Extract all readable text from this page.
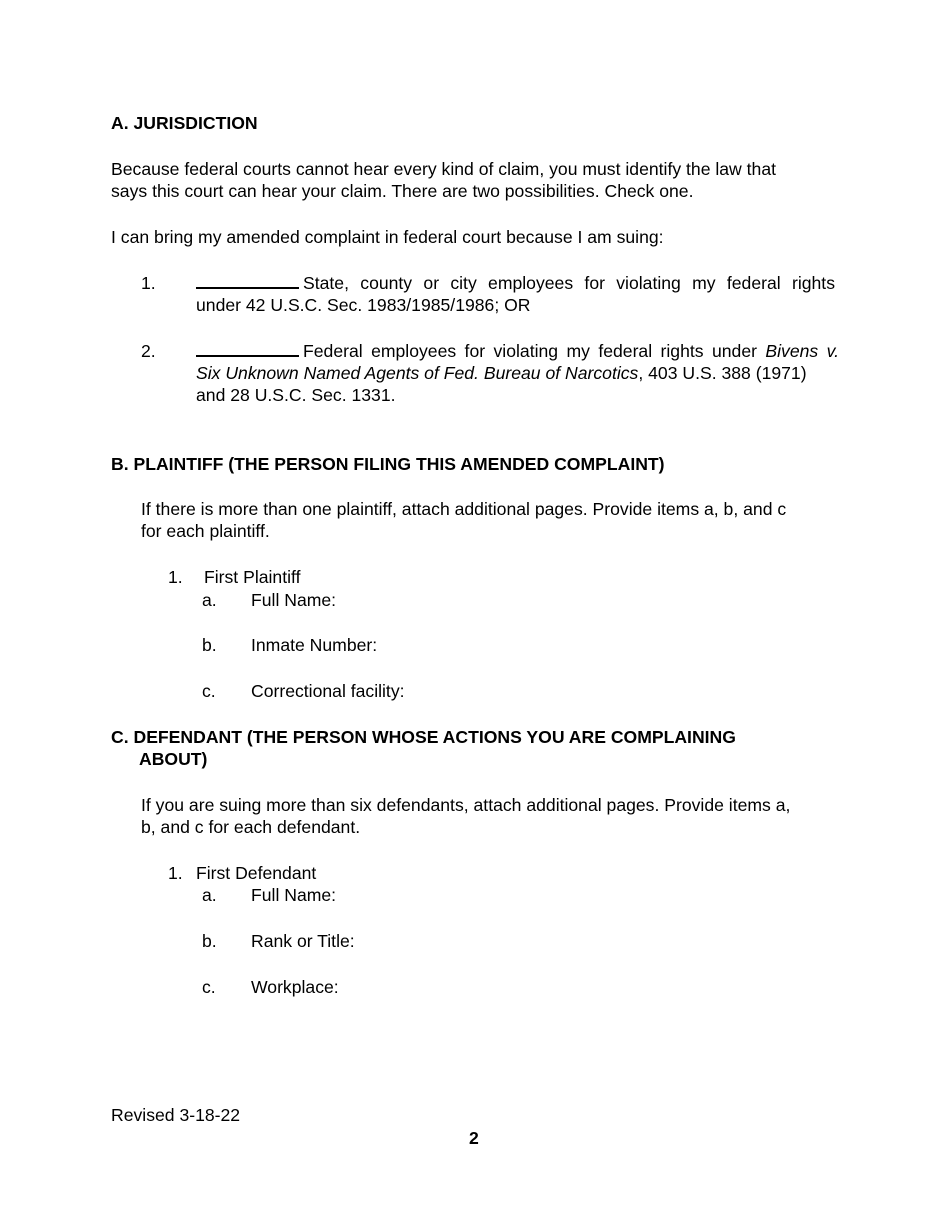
A. JURISDICTION
Because federal courts cannot hear every kind of claim, you must identify the law that
says this court can hear your claim. There are two possibilities. Check one.
I can bring my amended complaint in federal court because I am suing:
1.	State, county or city employees for violating my federal rights
under 42 U.S.C. Sec. 1983/1985/1986; OR
2.	Federal employees for violating my federal rights under Bivens v.
Six Unknown Named Agents of Fed. Bureau of Narcotics, 403 U.S. 388 (1971)
and 28 U.S.C. Sec. 1331.
B. PLAINTIFF (THE PERSON FILING THIS AMENDED COMPLAINT)
If there is more than one plaintiff, attach additional pages. Provide items a, b, and c
for each plaintiff.
1. First Plaintiff
a. Full Name:
b. Inmate Number:
c. Correctional facility:
C. DEFENDANT (THE PERSON WHOSE ACTIONS YOU ARE COMPLAINING
ABOUT)
If you are suing more than six defendants, attach additional pages. Provide items a,
b, and c for each defendant.
1. First Defendant
a. Full Name:
b. Rank or Title:
c. Workplace:
Revised 3-18-22
2
